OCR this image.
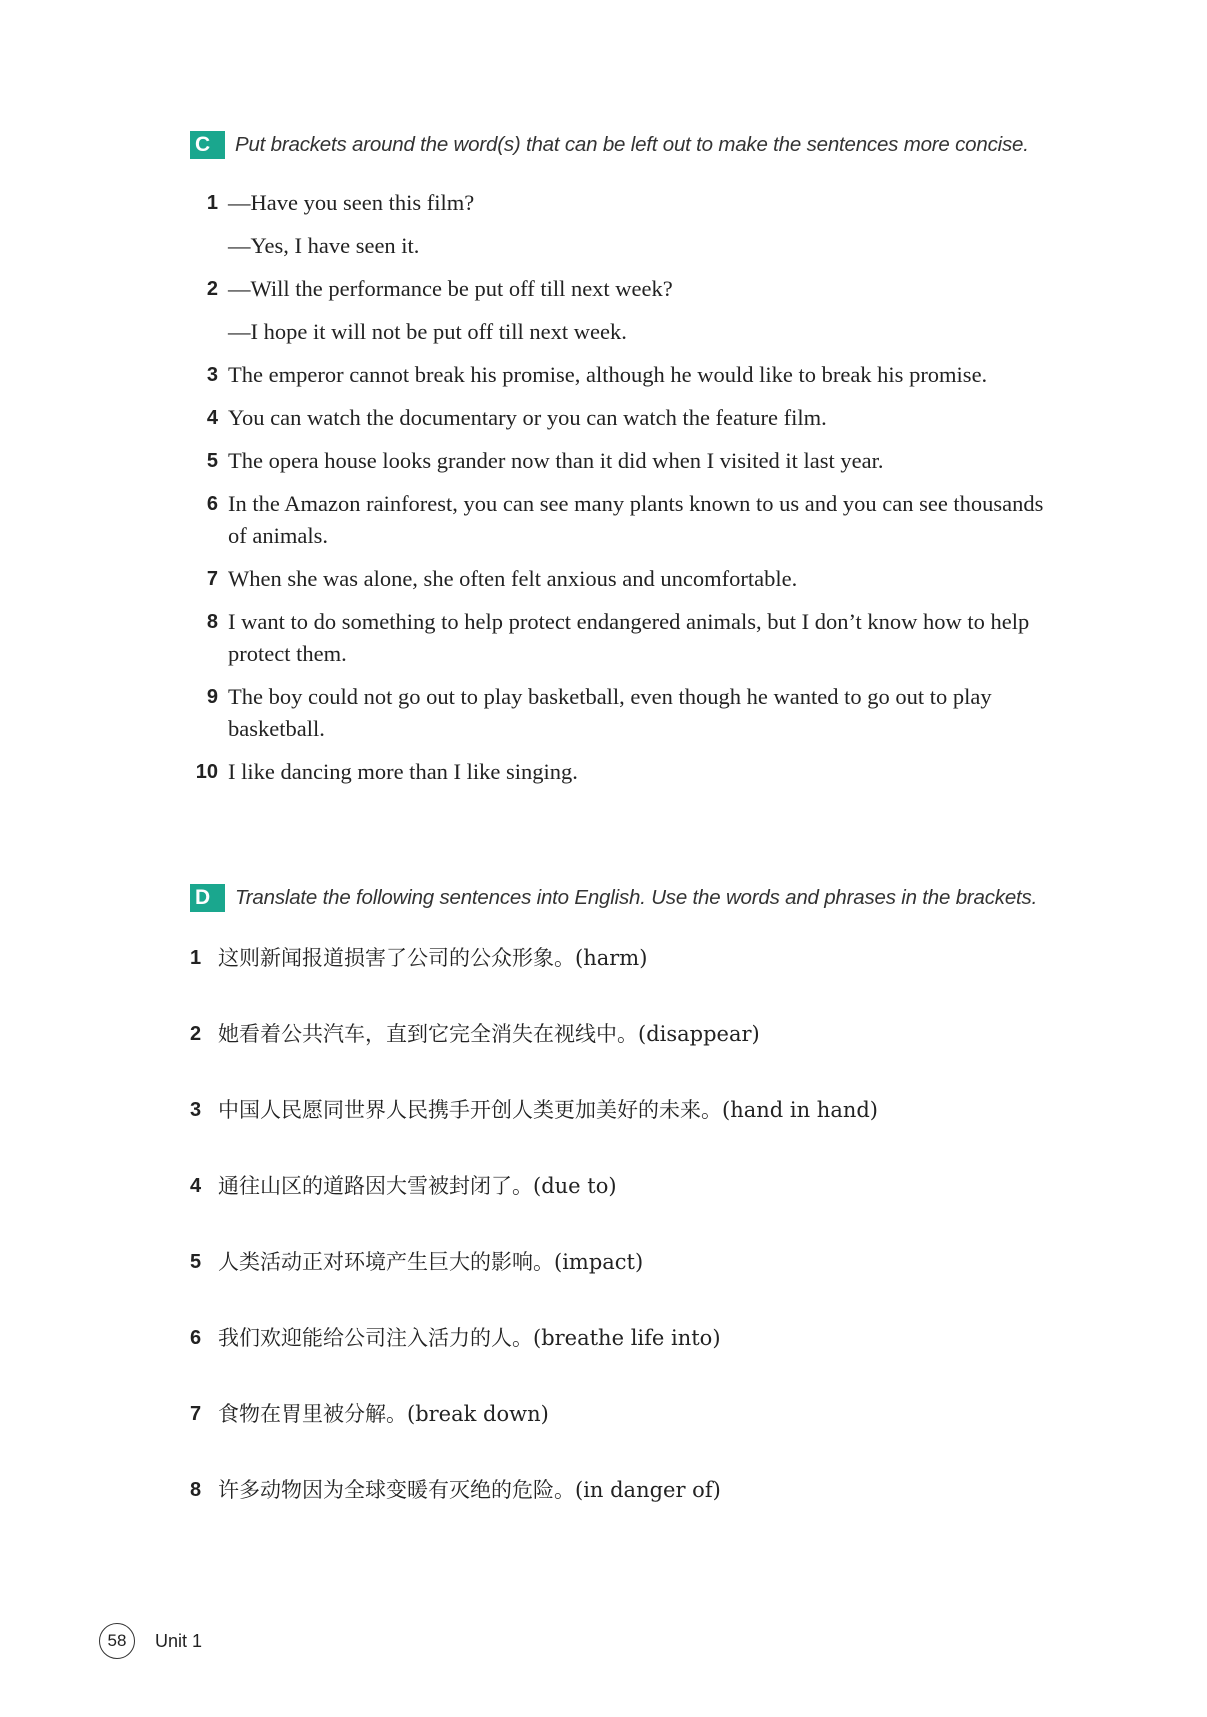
C	Put brackets around the word(s) that can be left out to make the sentences more concise.
1 —Have you seen this film?
—Yes, I have seen it.
2 —Will the performance be put off till next week?
—I hope it will not be put off till next week.
3 The emperor cannot break his promise, although he would like to break his promise.
4 You can watch the documentary or you can watch the feature film.
5 The opera house looks grander now than it did when I visited it last year.
6 In the Amazon rainforest, you can see many plants known to us and you can see thousands of animals.
7 When she was alone, she often felt anxious and uncomfortable.
8 I want to do something to help protect endangered animals, but I don’t know how to help protect them.
9 The boy could not go out to play basketball, even though he wanted to go out to play basketball.
10 I like dancing more than I like singing.
D	Translate the following sentences into English. Use the words and phrases in the brackets.
1 这则新闻报道损害了公司的公众形象。(harm)
2 她看着公共汽车，直到它完全消失在视线中。(disappear)
3 中国人民愿同世界人民携手开创人类更加美好的未来。(hand in hand)
4 通往山区的道路因大雪被封闭了。(due to)
5 人类活动正对环境产生巨大的影响。(impact)
6 我们欢迎能给公司注入活力的人。(breathe life into)
7 食物在胃里被分解。(break down)
8 许多动物因为全球变暖有灭绝的危险。(in danger of)
58	Unit 1
